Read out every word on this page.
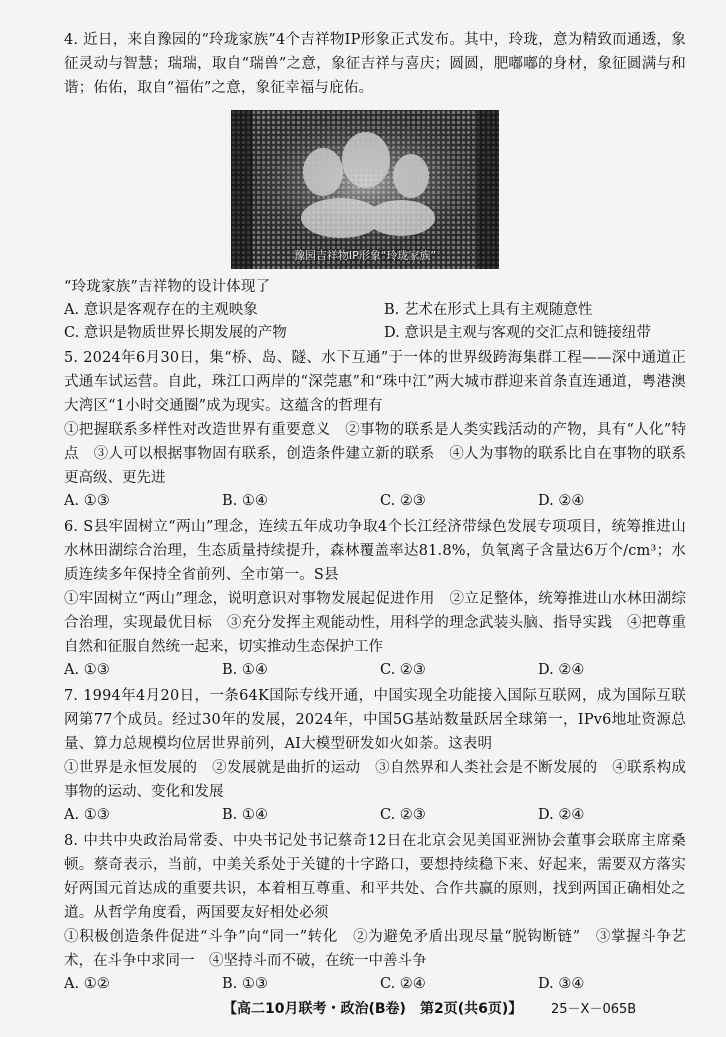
4. 近日，来自豫园的“玲珑家族”4个吉祥物IP形象正式发布。其中，玲珑，意为精致而通透，象征灵动与智慧；瑞瑞，取自“瑞兽”之意，象征吉祥与喜庆；圆圆，肥嘟嘟的身材，象征圆满与和谐；佑佑，取自“福佑”之意，象征幸福与庇佑。

豫园吉祥物IP形象“玲珑家族”

“玲珑家族”吉祥物的设计体现了

A. 意识是客观存在的主观映象	B. 艺术在形式上具有主观随意性
C. 意识是物质世界长期发展的产物	D. 意识是主观与客观的交汇点和链接纽带

5. 2024年6月30日，集“桥、岛、隧、水下互通”于一体的世界级跨海集群工程——深中通道正式通车试运营。自此，珠江口两岸的“深莞惠”和“珠中江”两大城市群迎来首条直连通道，粤港澳大湾区“1小时交通圈”成为现实。这蕴含的哲理有

①把握联系多样性对改造世界有重要意义　②事物的联系是人类实践活动的产物，具有“人化”特点　③人可以根据事物固有联系，创造条件建立新的联系　④人为事物的联系比自在事物的联系更高级、更先进

A. ①③	B. ①④	C. ②③	D. ②④

6. S县牢固树立“两山”理念，连续五年成功争取4个长江经济带绿色发展专项项目，统筹推进山水林田湖综合治理，生态质量持续提升，森林覆盖率达81.8%，负氧离子含量达6万个/cm³；水质连续多年保持全省前列、全市第一。S县

①牢固树立“两山”理念，说明意识对事物发展起促进作用　②立足整体，统筹推进山水林田湖综合治理，实现最优目标　③充分发挥主观能动性，用科学的理念武装头脑、指导实践　④把尊重自然和征服自然统一起来，切实推动生态保护工作

A. ①③	B. ①④	C. ②③	D. ②④

7. 1994年4月20日，一条64K国际专线开通，中国实现全功能接入国际互联网，成为国际互联网第77个成员。经过30年的发展，2024年，中国5G基站数量跃居全球第一，IPv6地址资源总量、算力总规模均位居世界前列，AI大模型研发如火如荼。这表明

①世界是永恒发展的　②发展就是曲折的运动　③自然界和人类社会是不断发展的　④联系构成事物的运动、变化和发展

A. ①③	B. ①④	C. ②③	D. ②④

8. 中共中央政治局常委、中央书记处书记蔡奇12日在北京会见美国亚洲协会董事会联席主席桑顿。蔡奇表示，当前，中美关系处于关键的十字路口，要想持续稳下来、好起来，需要双方落实好两国元首达成的重要共识，本着相互尊重、和平共处、合作共赢的原则，找到两国正确相处之道。从哲学角度看，两国要友好相处必须

①积极创造条件促进“斗争”向“同一”转化　②为避免矛盾出现尽量“脱钩断链”　③掌握斗争艺术，在斗争中求同一　④坚持斗而不破，在统一中善斗争

A. ①②	B. ①③	C. ②④	D. ③④
【高二10月联考・政治(B卷)　第2页(共6页)】 25－X－065B
